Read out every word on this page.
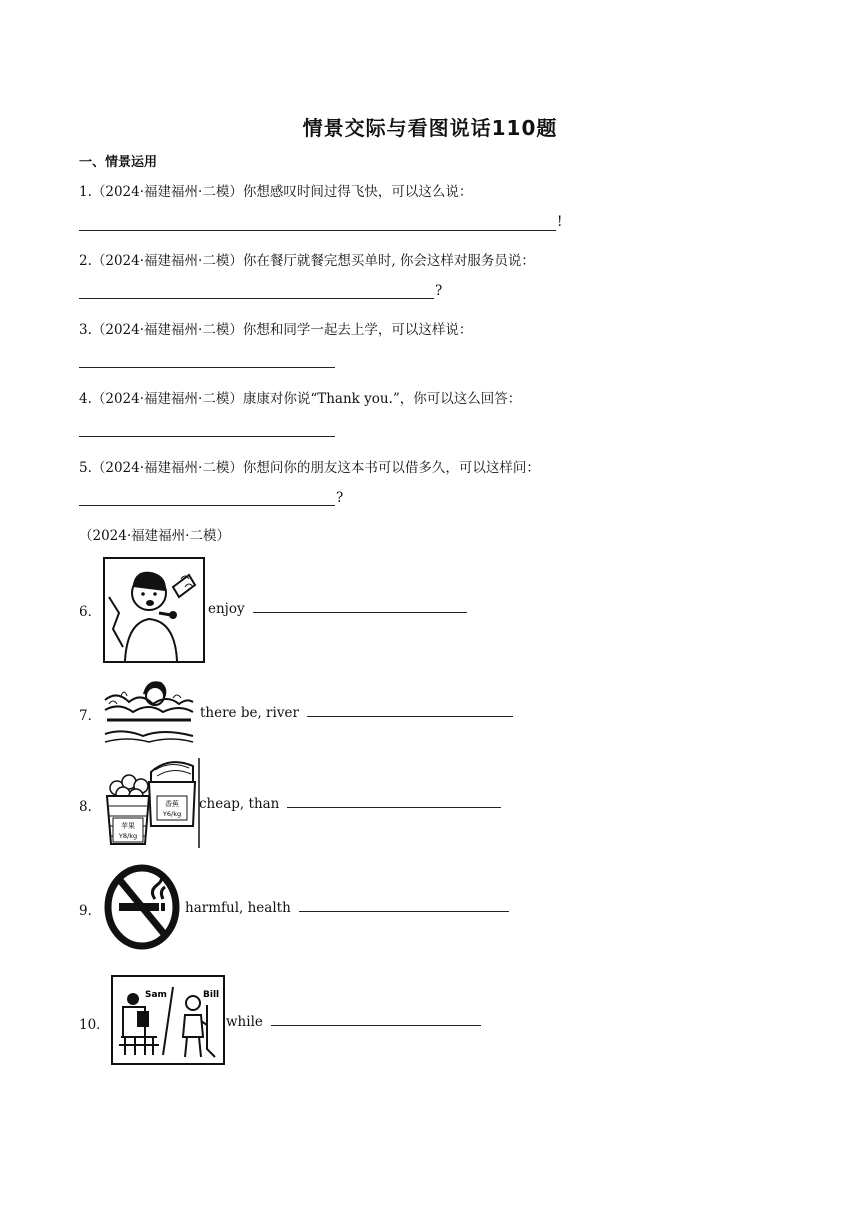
情景交际与看图说话110题
一、情景运用
1.（2024·福建福州·二模）你想感叹时间过得飞快，可以这么说：
!
2.（2024·福建福州·二模）你在餐厅就餐完想买单时, 你会这样对服务员说：
?
3.（2024·福建福州·二模）你想和同学一起去上学，可以这样说：
4.（2024·福建福州·二模）康康对你说“Thank you.”，你可以这么回答：
5.（2024·福建福州·二模）你想问你的朋友这本书可以借多久，可以这样问：
?
（2024·福建福州·二模）
6．	enjoy
7．	there be, river
8．
苹果
Y8/kg
香蕉
Y6/kg
cheap, than
9．	harmful, health
10．
Sam	Bill
while
